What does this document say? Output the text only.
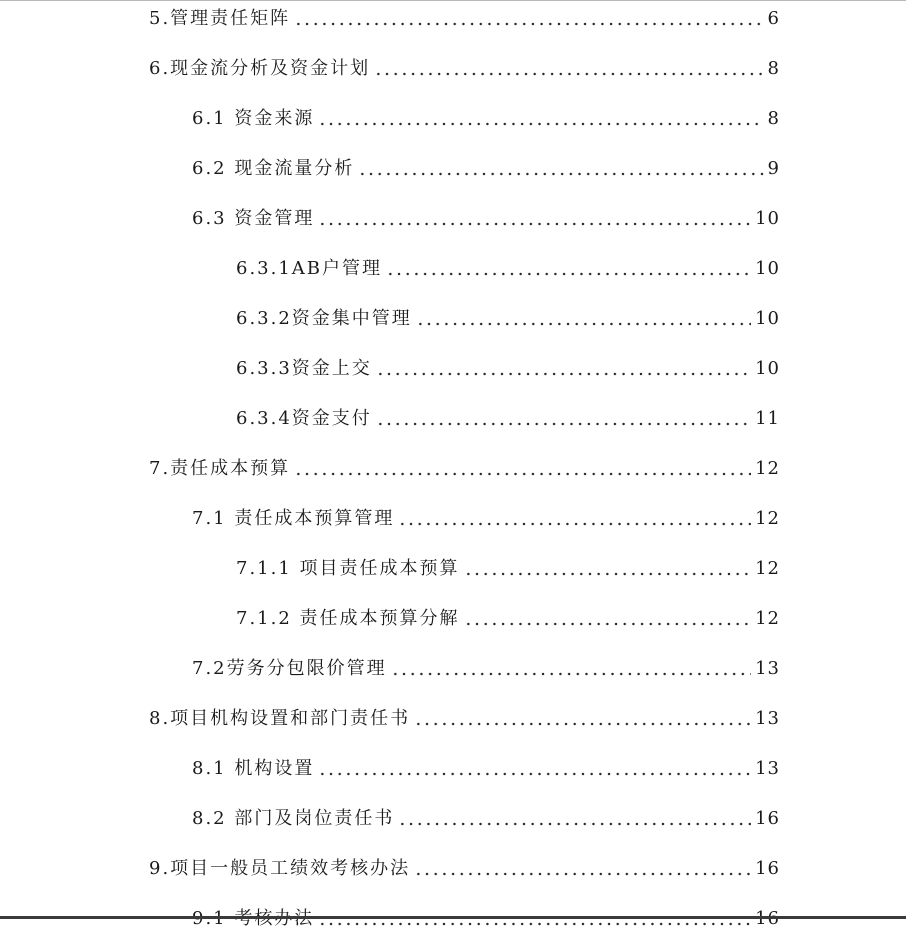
5.管理责任矩阵	6
6.现金流分析及资金计划	8
6.1 资金来源	8
6.2 现金流量分析	9
6.3 资金管理	10
6.3.1AB户管理	10
6.3.2资金集中管理	10
6.3.3资金上交	10
6.3.4资金支付	11
7.责任成本预算	12
7.1 责任成本预算管理	12
7.1.1 项目责任成本预算	12
7.1.2 责任成本预算分解	12
7.2劳务分包限价管理	13
8.项目机构设置和部门责任书	13
8.1 机构设置	13
8.2 部门及岗位责任书	16
9.项目一般员工绩效考核办法	16
